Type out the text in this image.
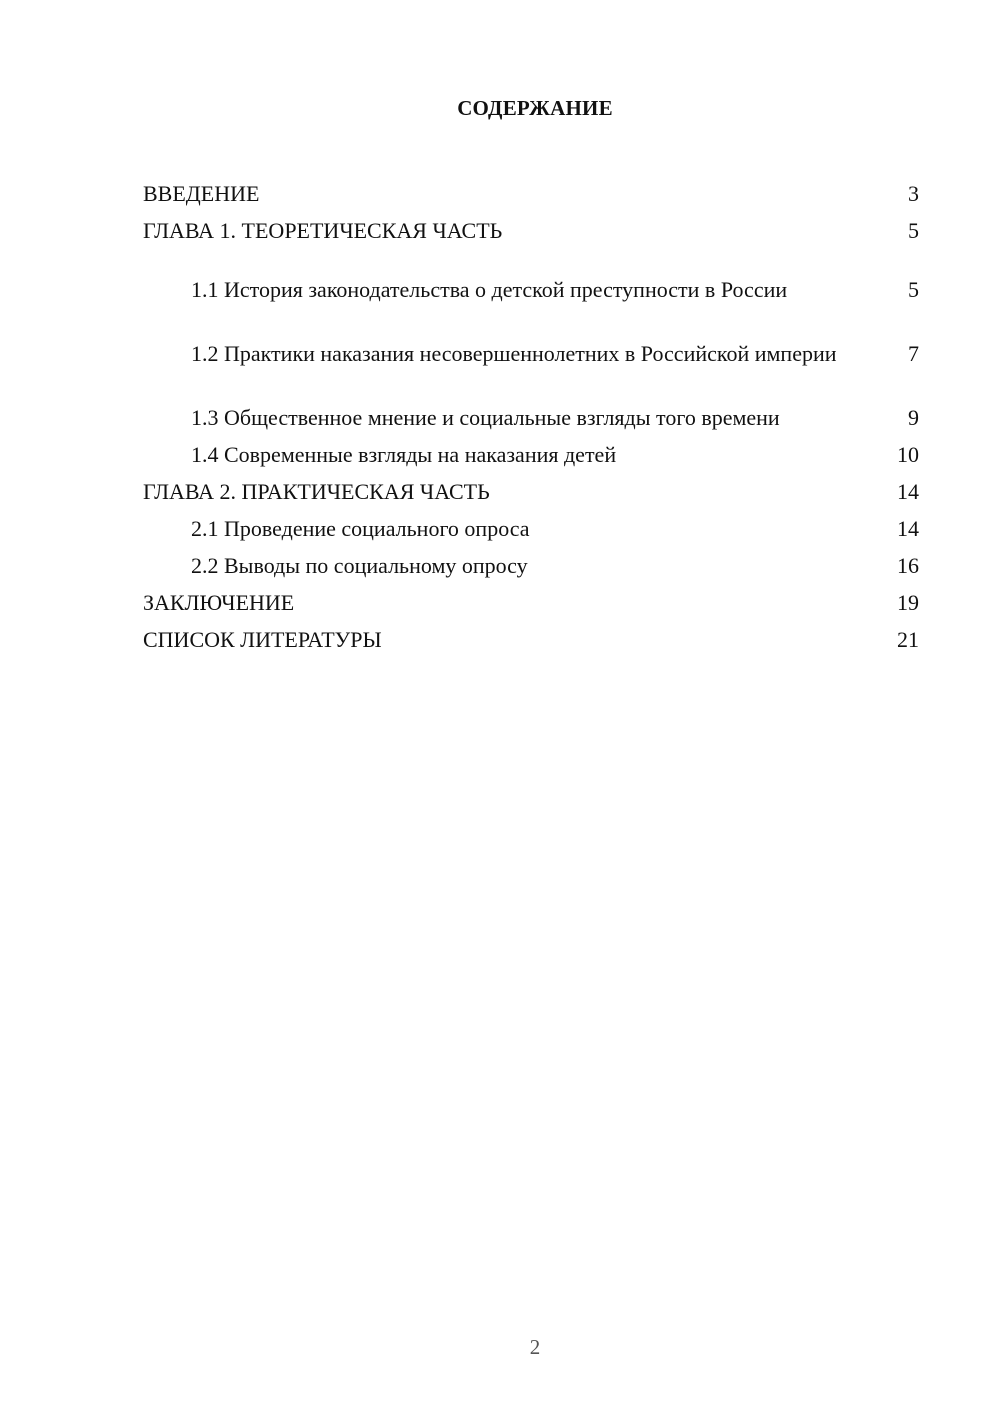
СОДЕРЖАНИЕ
ВВЕДЕНИЕ	3
ГЛАВА 1. ТЕОРЕТИЧЕСКАЯ ЧАСТЬ	5
1.1 История законодательства о детской преступности в России	5
1.2 Практики наказания несовершеннолетних в Российской империи	7
1.3 Общественное мнение и социальные взгляды того времени	9
1.4 Современные взгляды на наказания детей	10
ГЛАВА 2. ПРАКТИЧЕСКАЯ ЧАСТЬ	14
2.1 Проведение социального опроса	14
2.2 Выводы по социальному опросу	16
ЗАКЛЮЧЕНИЕ	19
СПИСОК ЛИТЕРАТУРЫ	21
2
